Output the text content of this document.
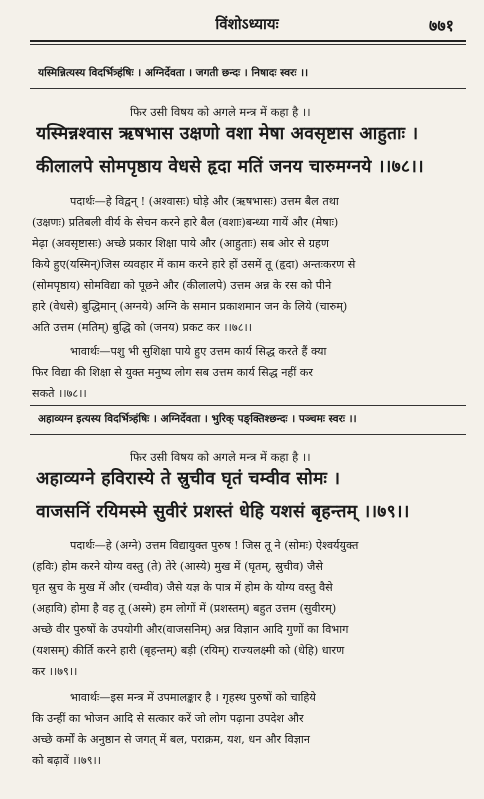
विंशोऽध्यायः	७७१
यस्मिन्नित्यस्य विदर्भित्र्हंषिः । अग्निर्देवता । जगती छन्दः । निषादः स्वरः ।।
फिर उसी विषय को अगले मन्त्र में कहा है ।।
यस्मिन्नश्वास ऋषभास उक्षणो वशा मेषा अवसृष्टास आहुताः ।
कीलालपे सोमपृष्ठाय वेधसे हृदा मतिं जनय चारुमग्नये ।।७८।।
पदार्थः—हे विद्वन् ! (अश्वासः) घोड़े और (ऋषभासः) उत्तम बैल तथा
(उक्षणः) प्रतिबली वीर्य के सेचन करने हारे बैल (वशाः)बन्ध्या गायें और (मेषाः)
मेढ़ा (अवसृष्टासः) अच्छे प्रकार शिक्षा पाये और (आहुताः) सब ओर से ग्रहण
किये हुए(यस्मिन्)जिस व्यवहार में काम करने हारे हों उसमें तू (हृदा) अन्तःकरण से
(सोमपृष्ठाय) सोमविद्या को पूछने और (कीलालपे) उत्तम अन्न के रस को पीने
हारे (वेधसे) बुद्धिमान् (अग्नये) अग्नि के समान प्रकाशमान जन के लिये (चारुम्)
अति उत्तम (मतिम्) बुद्धि को (जनय) प्रकट कर ।।७८।।
भावार्थः—पशु भी सुशिक्षा पाये हुए उत्तम कार्य सिद्ध करते हैं क्या
फिर विद्या की शिक्षा से युक्त मनुष्य लोग सब उत्तम कार्य सिद्ध नहीं कर
सकते ।।७८।।
अहाव्यग्न इत्यस्य विदर्भित्र्हंषिः । अग्निर्देवता । भुरिक् पङ्क्तिश्छन्दः । पञ्चमः स्वरः ।।
फिर उसी विषय को अगले मन्त्र में कहा है ।।
अहाव्यग्ने हविरास्ये ते स्रुचीव घृतं चम्वीव सोमः ।
वाजसनिं रयिमस्मे सुवीरं प्रशस्तं धेहि यशसं बृहन्तम् ।।७९।।
पदार्थः—हे (अग्ने) उत्तम विद्यायुक्त पुरुष ! जिस तू ने (सोमः) ऐश्वर्ययुक्त
(हविः) होम करने योग्य वस्तु (ते) तेरे (आस्ये) मुख में (घृतम्, स्रुचीव) जैसे
घृत स्रुच के मुख में और (चम्वीव) जैसे यज्ञ के पात्र में होम के योग्य वस्तु वैसे
(अहावि) होमा है वह तू (अस्मे) हम लोगों में (प्रशस्तम्) बहुत उत्तम (सुवीरम्)
अच्छे वीर पुरुषों के उपयोगी और(वाजसनिम्) अन्न विज्ञान आदि गुणों का विभाग
(यशसम्) कीर्ति करने हारी (बृहन्तम्) बड़ी (रयिम्) राज्यलक्ष्मी को (धेहि) धारण
कर ।।७९।।
भावार्थः—इस मन्त्र में उपमालङ्कार है । गृहस्थ पुरुषों को चाहिये
कि उन्हीं का भोजन आदि से सत्कार करें जो लोग पढ़ाना उपदेश और
अच्छे कर्मों के अनुष्ठान से जगत् में बल, पराक्रम, यश, धन और विज्ञान
को बढ़ावें ।।७९।।
